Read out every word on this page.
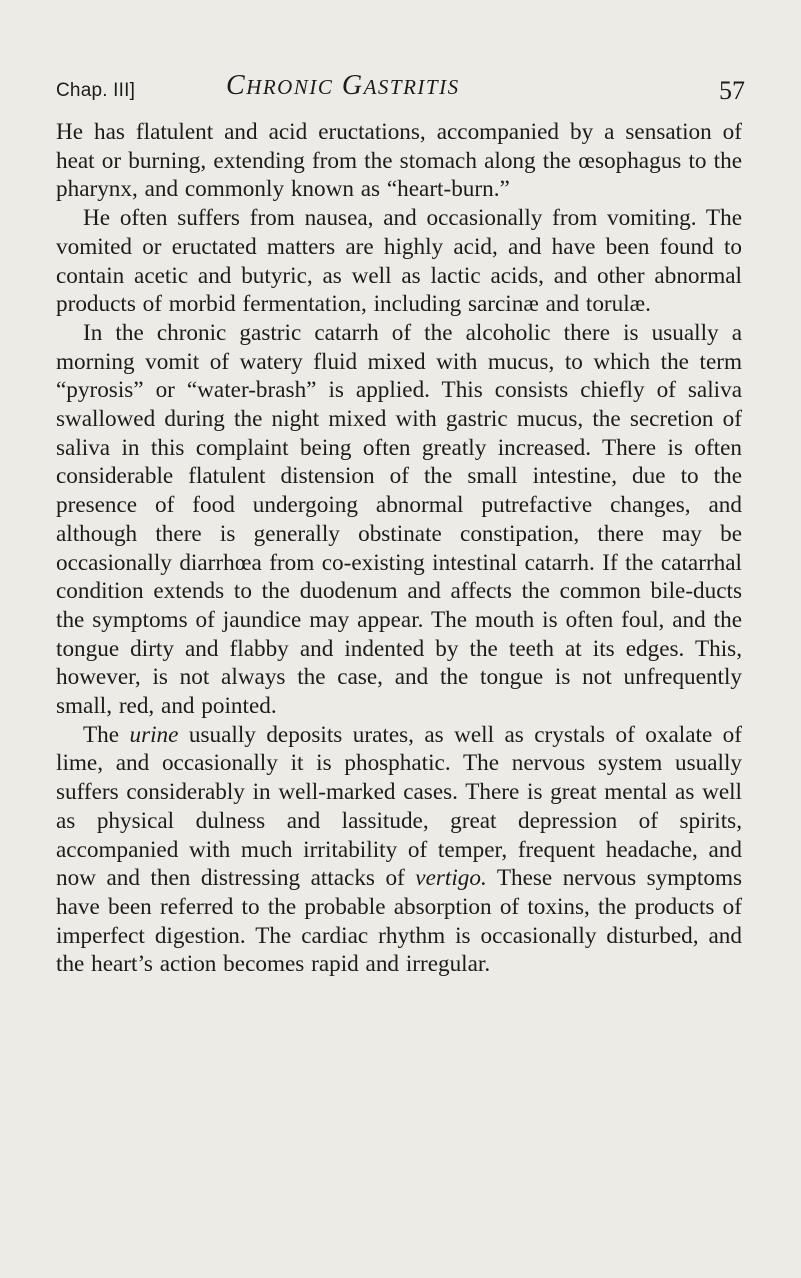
Chap. III]	CHRONIC GASTRITIS	57

He has flatulent and acid eructations, accompanied by a sensation of heat or burning, extending from the stomach along the œsophagus to the pharynx, and commonly known as “heart-burn.”

He often suffers from nausea, and occasionally from vomiting. The vomited or eructated matters are highly acid, and have been found to contain acetic and butyric, as well as lactic acids, and other abnormal products of morbid fermentation, including sarcinæ and torulæ.

In the chronic gastric catarrh of the alcoholic there is usually a morning vomit of watery fluid mixed with mucus, to which the term “pyrosis” or “water-brash” is applied. This consists chiefly of saliva swallowed during the night mixed with gastric mucus, the secretion of saliva in this complaint being often greatly increased. There is often considerable flatulent distension of the small intestine, due to the presence of food undergoing abnormal putrefactive changes, and although there is generally obstinate constipation, there may be occasionally diarrhœa from co-existing intestinal catarrh. If the catarrhal condition extends to the duodenum and affects the common bile-ducts the symptoms of jaundice may appear. The mouth is often foul, and the tongue dirty and flabby and indented by the teeth at its edges. This, however, is not always the case, and the tongue is not unfrequently small, red, and pointed.

The urine usually deposits urates, as well as crystals of oxalate of lime, and occasionally it is phosphatic. The nervous system usually suffers considerably in well-marked cases. There is great mental as well as physical dulness and lassitude, great depression of spirits, accompanied with much irritability of temper, frequent headache, and now and then distressing attacks of vertigo. These nervous symptoms have been referred to the probable absorption of toxins, the products of imperfect digestion. The cardiac rhythm is occasionally disturbed, and the heart’s action becomes rapid and irregular.
